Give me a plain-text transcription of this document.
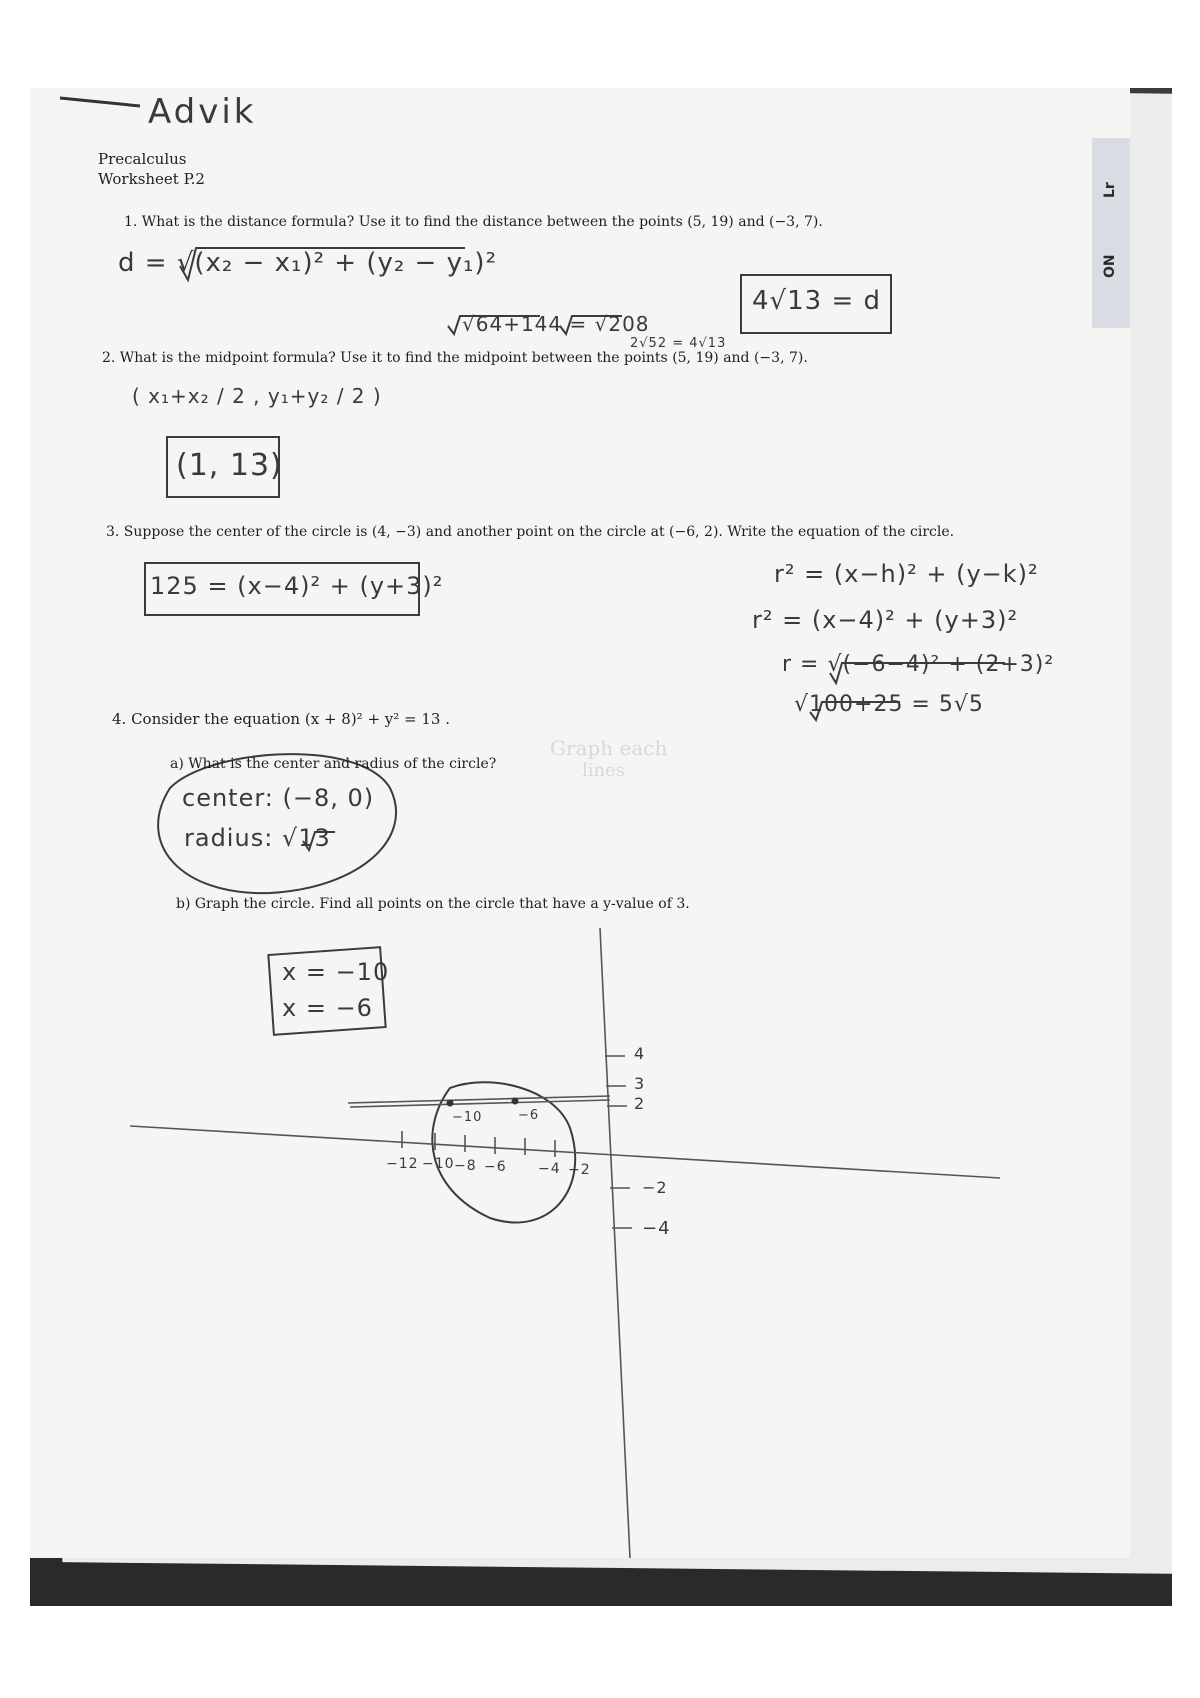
Lr
ON
Advik
Precalculus
Worksheet P.2
1. What is the distance formula? Use it to find the distance between the points (5, 19) and (−3, 7).
d = √(x₂ − x₁)² + (y₂ − y₁)²
√64+144 = √208
2√52 = 4√13
4√13 = d
2. What is the midpoint formula? Use it to find the midpoint between the points (5, 19) and (−3, 7).
( x₁+x₂ / 2 , y₁+y₂ / 2 )
(1, 13)
3. Suppose the center of the circle is (4, −3) and another point on the circle at (−6, 2). Write the equation of the circle.
125 = (x−4)² + (y+3)²	r² = (x−h)² + (y−k)²
r² = (x−4)² + (y+3)²
r = √(−6−4)² + (2+3)²
√100+25 = 5√5
4. Consider the equation (x + 8)² + y² = 13 .
a) What is the center and radius of the circle?
center: (−8, 0)
radius: √13
b) Graph the circle. Find all points on the circle that have a y-value of 3.
x = −10
x = −6
−12 −10 −8 −6 −4 −2
4
3
2
−2
−4
−10	−6
Graph each
lines
